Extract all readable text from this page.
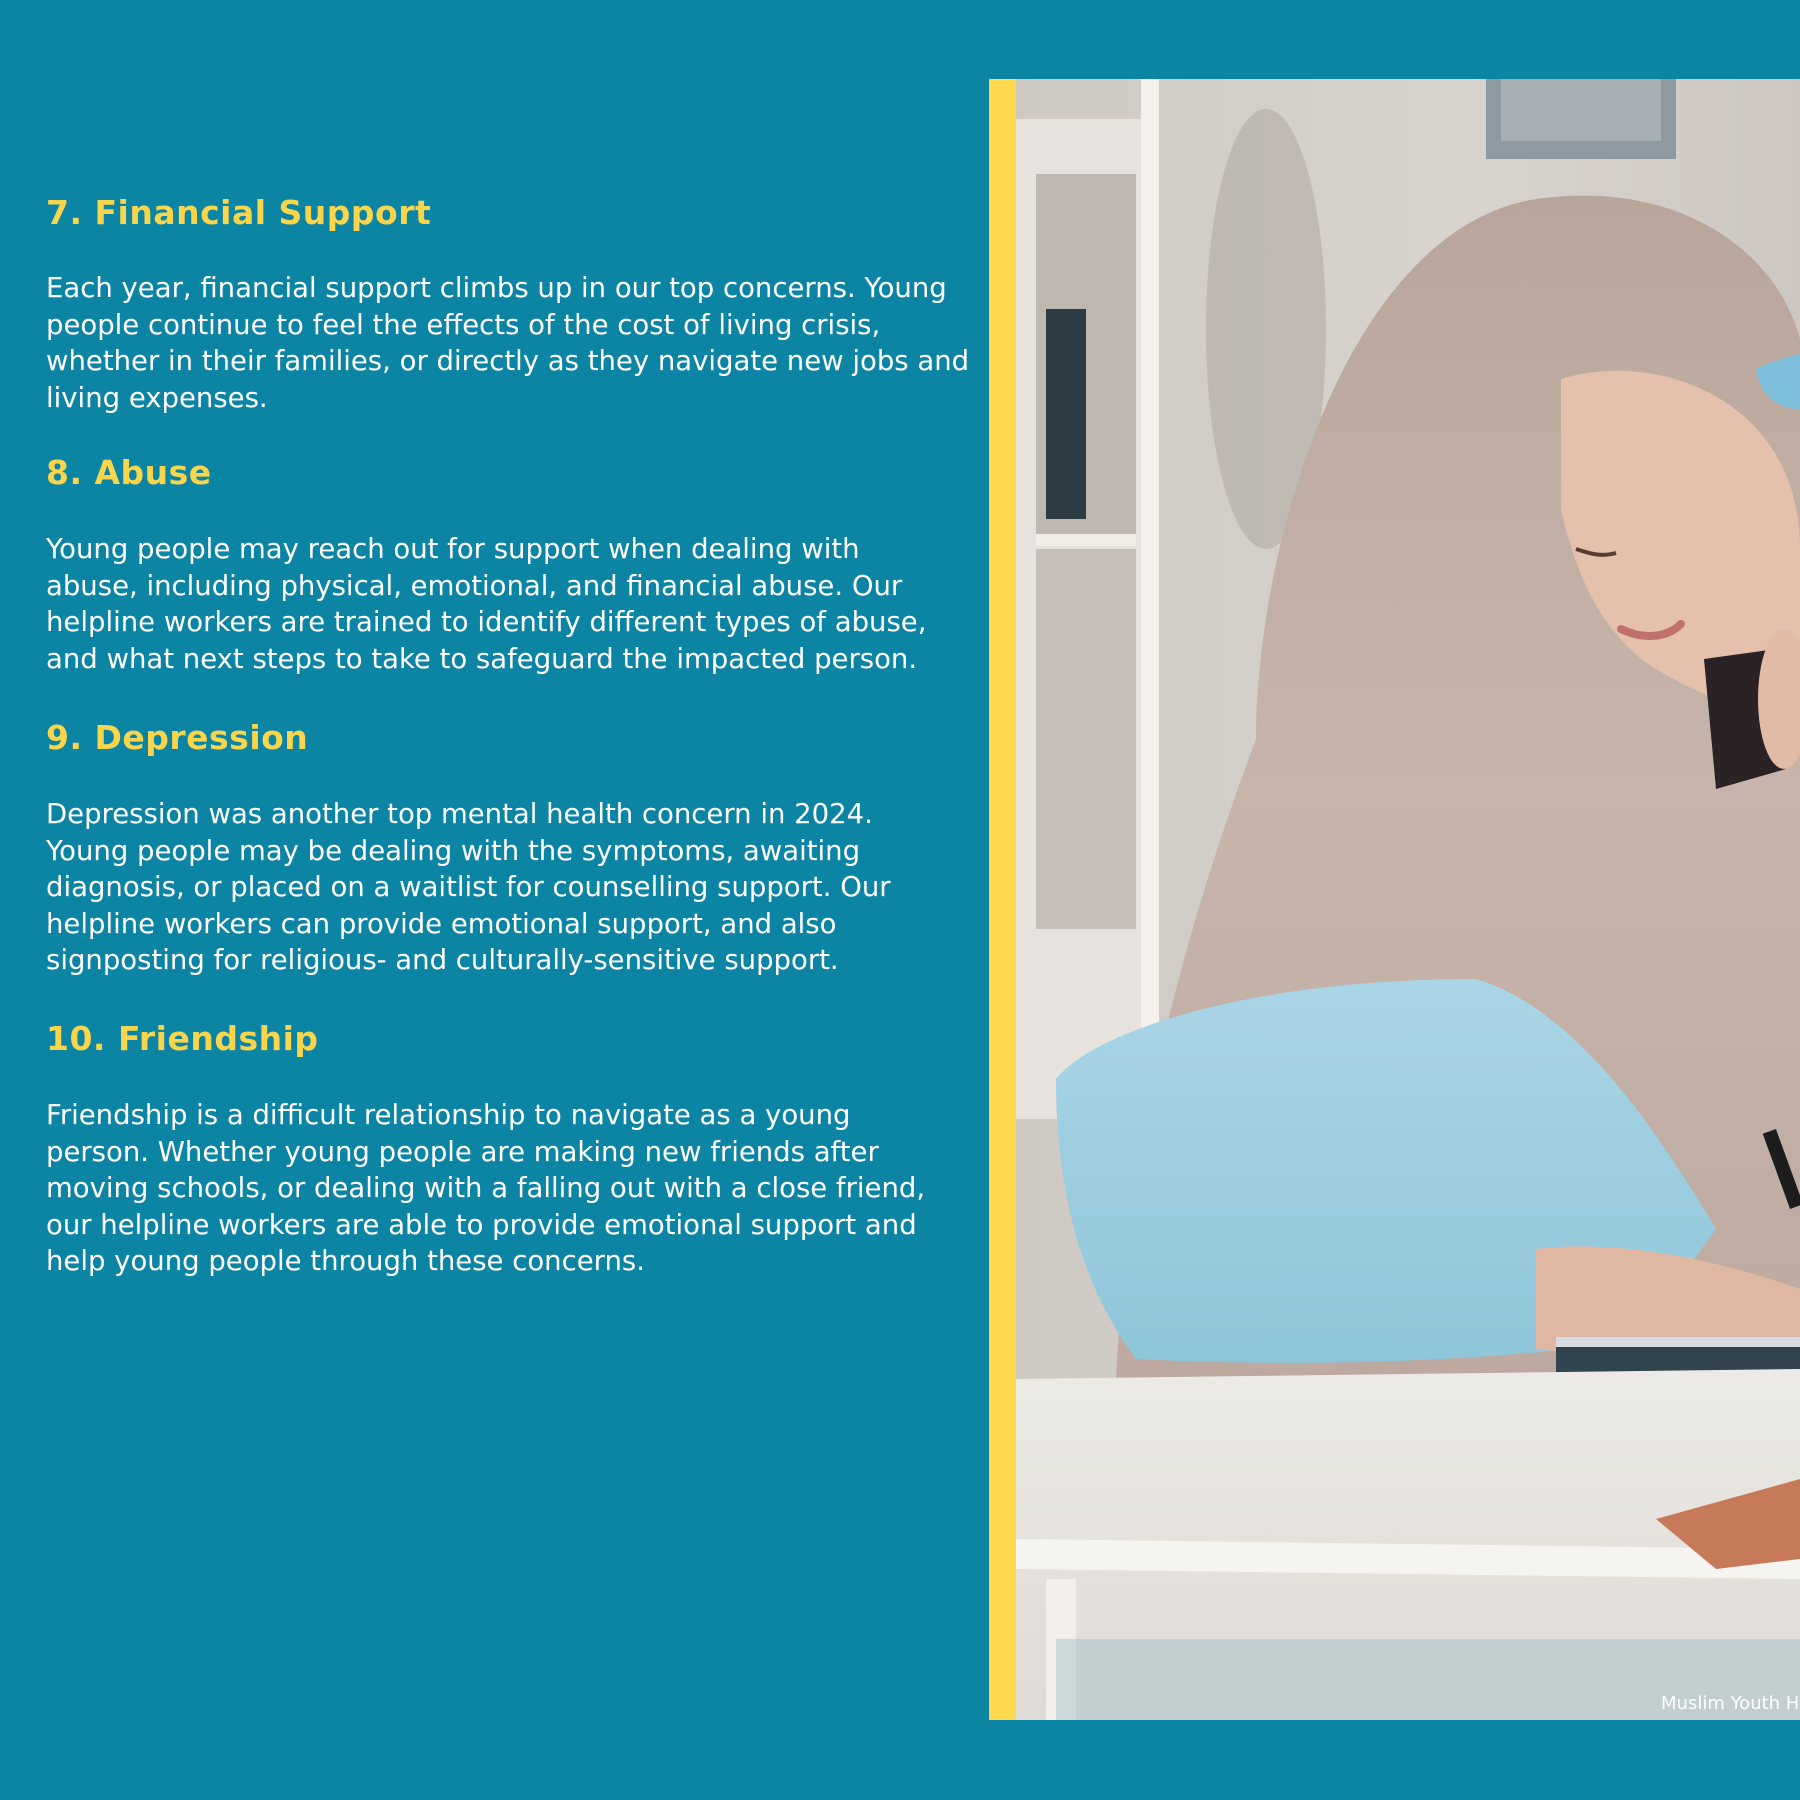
7. Financial Support

Each year, financial support climbs up in our top concerns. Young
people continue to feel the effects of the cost of living crisis,
whether in their families, or directly as they navigate new jobs and
living expenses.

8. Abuse

Young people may reach out for support when dealing with
abuse, including physical, emotional, and financial abuse. Our
helpline workers are trained to identify different types of abuse,
and what next steps to take to safeguard the impacted person.

9. Depression

Depression was another top mental health concern in 2024.
Young people may be dealing with the symptoms, awaiting
diagnosis, or placed on a waitlist for counselling support. Our
helpline workers can provide emotional support, and also
signposting for religious- and culturally-sensitive support.

10. Friendship

Friendship is a difficult relationship to navigate as a young
person. Whether young people are making new friends after
moving schools, or dealing with a falling out with a close friend,
our helpline workers are able to provide emotional support and
help young people through these concerns.

Muslim Youth H
